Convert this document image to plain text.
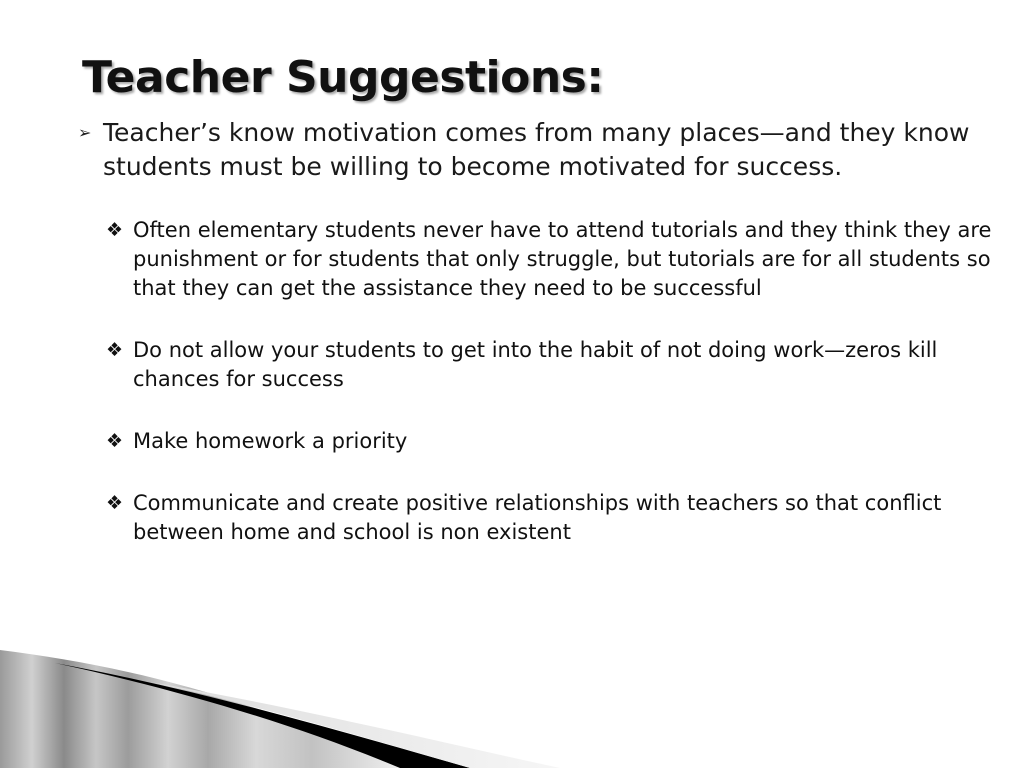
Teacher Suggestions:
➢ Teacher’s know motivation comes from many places—and they know students must be willing to become motivated for success.
❖ Often elementary students never have to attend tutorials and they think they are punishment or for students that only struggle, but tutorials are for all students so that they can get the assistance they need to be successful
❖ Do not allow your students to get into the habit of not doing work—zeros kill chances for success
❖ Make homework a priority
❖ Communicate and create positive relationships with teachers so that conflict between home and school is non existent
